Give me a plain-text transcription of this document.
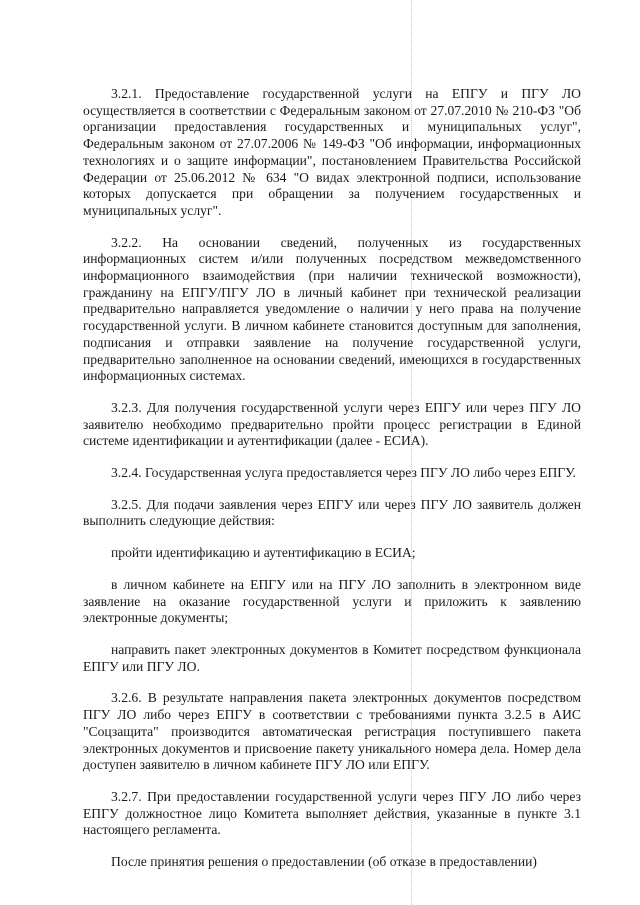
3.2.1. Предоставление государственной услуги на ЕПГУ и ПГУ ЛО осуществляется в соответствии с Федеральным законом от 27.07.2010 № 210-ФЗ "Об организации предоставления государственных и муниципальных услуг", Федеральным законом от 27.07.2006 № 149-ФЗ "Об информации, информационных технологиях и о защите информации", постановлением Правительства Российской Федерации от 25.06.2012 № 634 "О видах электронной подписи, использование которых допускается при обращении за получением государственных и муниципальных услуг".

3.2.2. На основании сведений, полученных из государственных информационных систем и/или полученных посредством межведомственного информационного взаимодействия (при наличии технической возможности), гражданину на ЕПГУ/ПГУ ЛО в личный кабинет при технической реализации предварительно направляется уведомление о наличии у него права на получение государственной услуги. В личном кабинете становится доступным для заполнения, подписания и отправки заявление на получение государственной услуги, предварительно заполненное на основании сведений, имеющихся в государственных информационных системах.

3.2.3. Для получения государственной услуги через ЕПГУ или через ПГУ ЛО заявителю необходимо предварительно пройти процесс регистрации в Единой системе идентификации и аутентификации (далее - ЕСИА).

3.2.4. Государственная услуга предоставляется через ПГУ ЛО либо через ЕПГУ.

3.2.5. Для подачи заявления через ЕПГУ или через ПГУ ЛО заявитель должен выполнить следующие действия:

пройти идентификацию и аутентификацию в ЕСИА;

в личном кабинете на ЕПГУ или на ПГУ ЛО заполнить в электронном виде заявление на оказание государственной услуги и приложить к заявлению электронные документы;

направить пакет электронных документов в Комитет посредством функционала ЕПГУ или ПГУ ЛО.

3.2.6. В результате направления пакета электронных документов посредством ПГУ ЛО либо через ЕПГУ в соответствии с требованиями пункта 3.2.5 в АИС "Соцзащита" производится автоматическая регистрация поступившего пакета электронных документов и присвоение пакету уникального номера дела. Номер дела доступен заявителю в личном кабинете ПГУ ЛО или ЕПГУ.

3.2.7. При предоставлении государственной услуги через ПГУ ЛО либо через ЕПГУ должностное лицо Комитета выполняет действия, указанные в пункте 3.1 настоящего регламента.

После принятия решения о предоставлении (об отказе в предоставлении)
